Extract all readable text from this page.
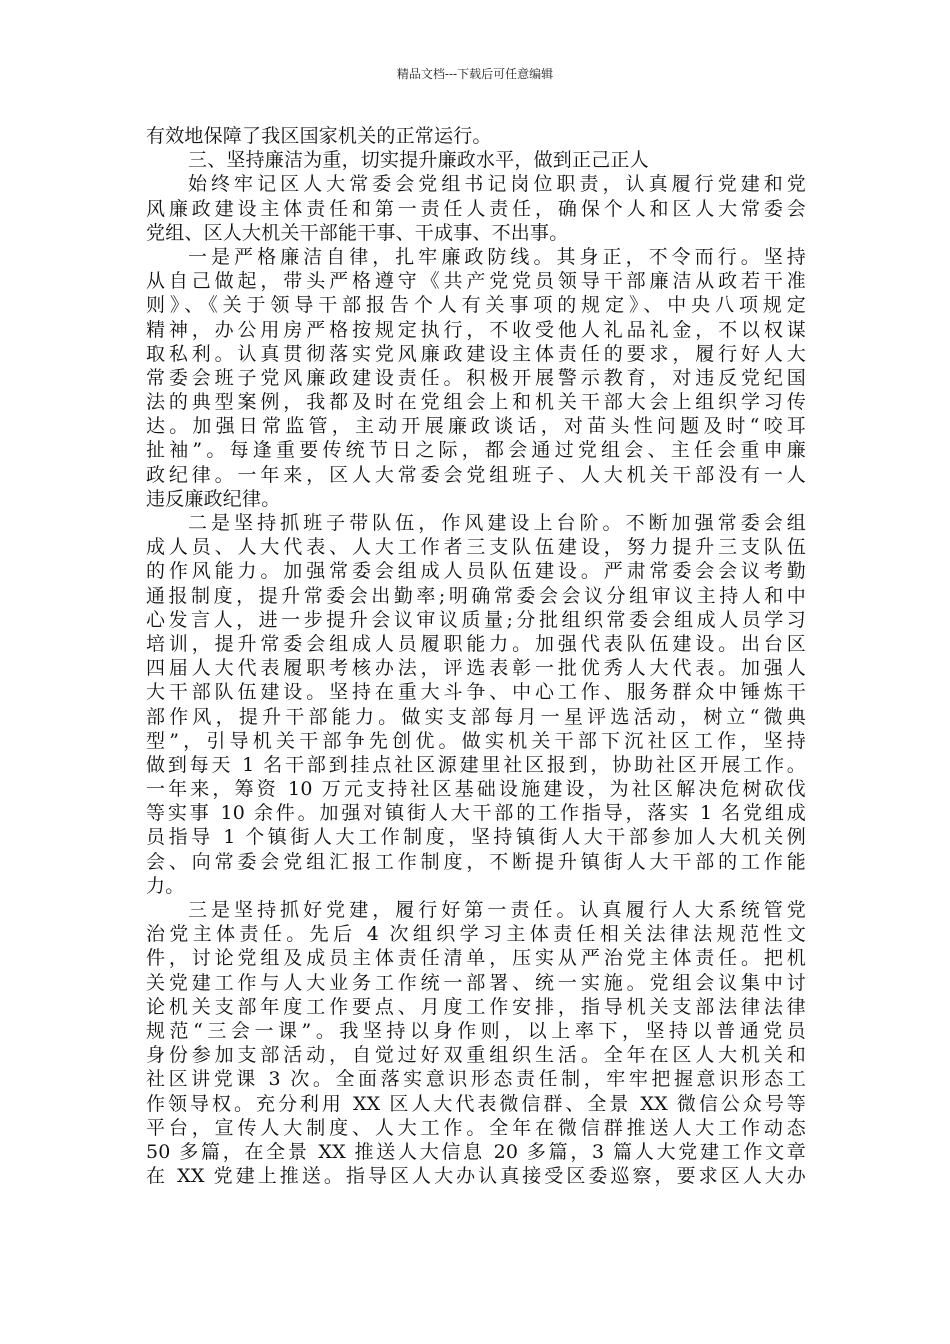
精品文档---下载后可任意编辑
有效地保障了我区国家机关的正常运行。
三、坚持廉洁为重，切实提升廉政水平，做到正己正人
始终牢记区人大常委会党组书记岗位职责，认真履行党建和党
风廉政建设主体责任和第一责任人责任，确保个人和区人大常委会
党组、区人大机关干部能干事、干成事、不出事。
一是严格廉洁自律，扎牢廉政防线。其身正，不令而行。坚持
从自己做起，带头严格遵守《共产党党员领导干部廉洁从政若干准
则》、《关于领导干部报告个人有关事项的规定》、中央八项规定
精神，办公用房严格按规定执行，不收受他人礼品礼金，不以权谋
取私利。认真贯彻落实党风廉政建设主体责任的要求，履行好人大
常委会班子党风廉政建设责任。积极开展警示教育，对违反党纪国
法的典型案例，我都及时在党组会上和机关干部大会上组织学习传
达。加强日常监管，主动开展廉政谈话，对苗头性问题及时“咬耳
扯袖”。每逢重要传统节日之际，都会通过党组会、主任会重申廉
政纪律。一年来，区人大常委会党组班子、人大机关干部没有一人
违反廉政纪律。
二是坚持抓班子带队伍，作风建设上台阶。不断加强常委会组
成人员、人大代表、人大工作者三支队伍建设，努力提升三支队伍
的作风能力。加强常委会组成人员队伍建设。严肃常委会会议考勤
通报制度，提升常委会出勤率;明确常委会会议分组审议主持人和中
心发言人，进一步提升会议审议质量;分批组织常委会组成人员学习
培训，提升常委会组成人员履职能力。加强代表队伍建设。出台区
四届人大代表履职考核办法，评选表彰一批优秀人大代表。加强人
大干部队伍建设。坚持在重大斗争、中心工作、服务群众中锤炼干
部作风，提升干部能力。做实支部每月一星评选活动，树立“微典
型”，引导机关干部争先创优。做实机关干部下沉社区工作，坚持
做到每天 1 名干部到挂点社区源建里社区报到，协助社区开展工作。
一年来，筹资 10 万元支持社区基础设施建设，为社区解决危树砍伐
等实事 10 余件。加强对镇街人大干部的工作指导，落实 1 名党组成
员指导 1 个镇街人大工作制度，坚持镇街人大干部参加人大机关例
会、向常委会党组汇报工作制度，不断提升镇街人大干部的工作能
力。
三是坚持抓好党建，履行好第一责任。认真履行人大系统管党
治党主体责任。先后 4 次组织学习主体责任相关法律法规范性文
件，讨论党组及成员主体责任清单，压实从严治党主体责任。把机
关党建工作与人大业务工作统一部署、统一实施。党组会议集中讨
论机关支部年度工作要点、月度工作安排，指导机关支部法律法律
规范“三会一课”。我坚持以身作则，以上率下，坚持以普通党员
身份参加支部活动，自觉过好双重组织生活。全年在区人大机关和
社区讲党课 3 次。全面落实意识形态责任制，牢牢把握意识形态工
作领导权。充分利用 XX 区人大代表微信群、全景 XX 微信公众号等
平台，宣传人大制度、人大工作。全年在微信群推送人大工作动态
50 多篇，在全景 XX 推送人大信息 20 多篇，3 篇人大党建工作文章
在 XX 党建上推送。指导区人大办认真接受区委巡察，要求区人大办
